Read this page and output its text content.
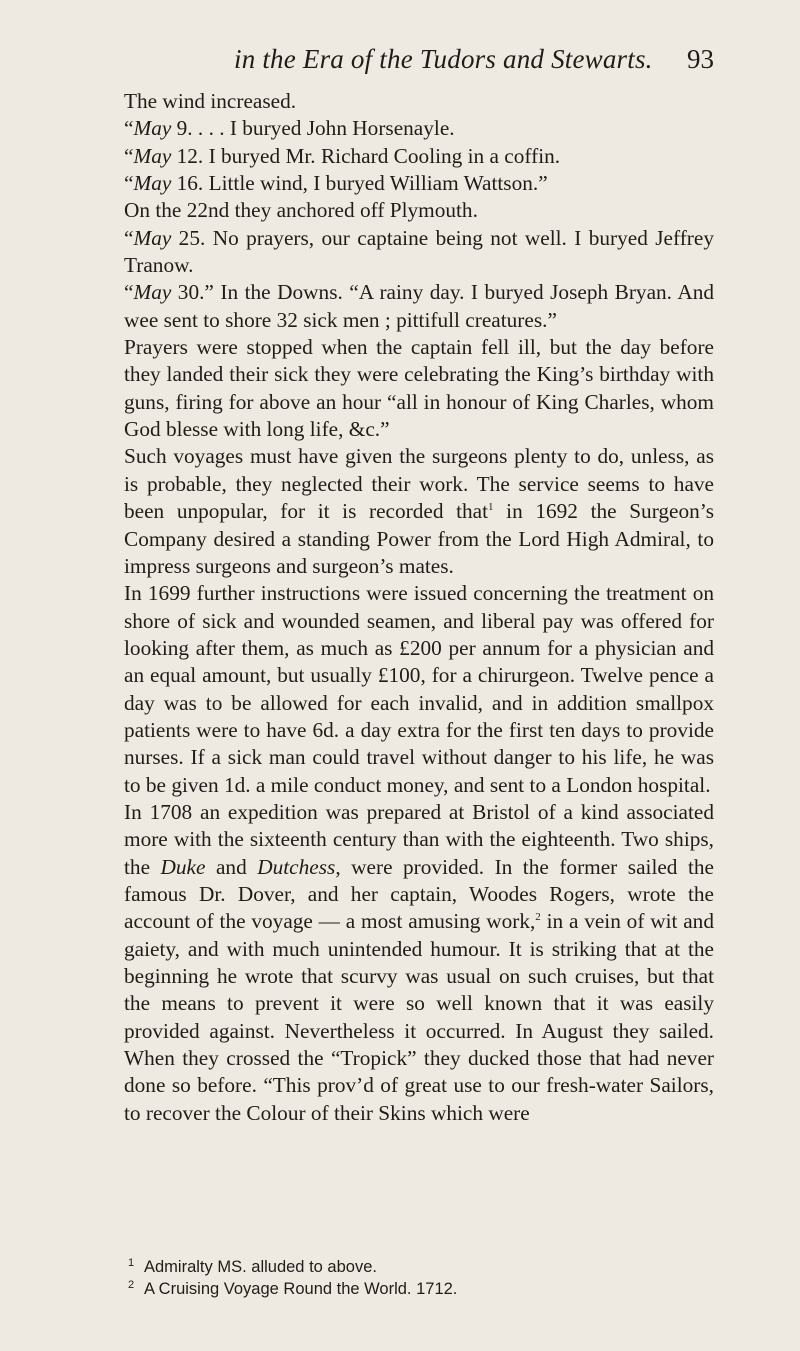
in the Era of the Tudors and Stewarts. 93

The wind increased.

“May 9. . . . I buryed John Horsenayle.

“May 12. I buryed Mr. Richard Cooling in a coffin.

“May 16. Little wind, I buryed William Wattson.”

On the 22nd they anchored off Plymouth.

“May 25. No prayers, our captaine being not well. I buryed Jeffrey Tranow.

“May 30.” In the Downs. “A rainy day. I buryed Joseph Bryan. And wee sent to shore 32 sick men ; pittifull creatures.”

Prayers were stopped when the captain fell ill, but the day before they landed their sick they were celebrating the King’s birthday with guns, firing for above an hour “all in honour of King Charles, whom God blesse with long life, &c.”

Such voyages must have given the surgeons plenty to do, unless, as is probable, they neglected their work. The service seems to have been unpopular, for it is recorded that$^1$ in 1692 the Surgeon’s Company desired a standing Power from the Lord High Admiral, to impress surgeons and surgeon’s mates.

In 1699 further instructions were issued concerning the treatment on shore of sick and wounded seamen, and liberal pay was offered for looking after them, as much as £200 per annum for a physician and an equal amount, but usually £100, for a chirurgeon. Twelve pence a day was to be allowed for each invalid, and in addition smallpox patients were to have 6d. a day extra for the first ten days to provide nurses. If a sick man could travel without danger to his life, he was to be given 1d. a mile conduct money, and sent to a London hospital.

In 1708 an expedition was prepared at Bristol of a kind associated more with the sixteenth century than with the eighteenth. Two ships, the Duke and Dutchess, were provided. In the former sailed the famous Dr. Dover, and her captain, Woodes Rogers, wrote the account of the voyage — a most amusing work,$^2$ in a vein of wit and gaiety, and with much unintended humour. It is striking that at the beginning he wrote that scurvy was usual on such cruises, but that the means to prevent it were so well known that it was easily provided against. Nevertheless it occurred. In August they sailed. When they crossed the “Tropick” they ducked those that had never done so before. “This prov’d of great use to our fresh-water Sailors, to recover the Colour of their Skins which were

1 Admiralty MS. alluded to above.
2 A Cruising Voyage Round the World. 1712.
